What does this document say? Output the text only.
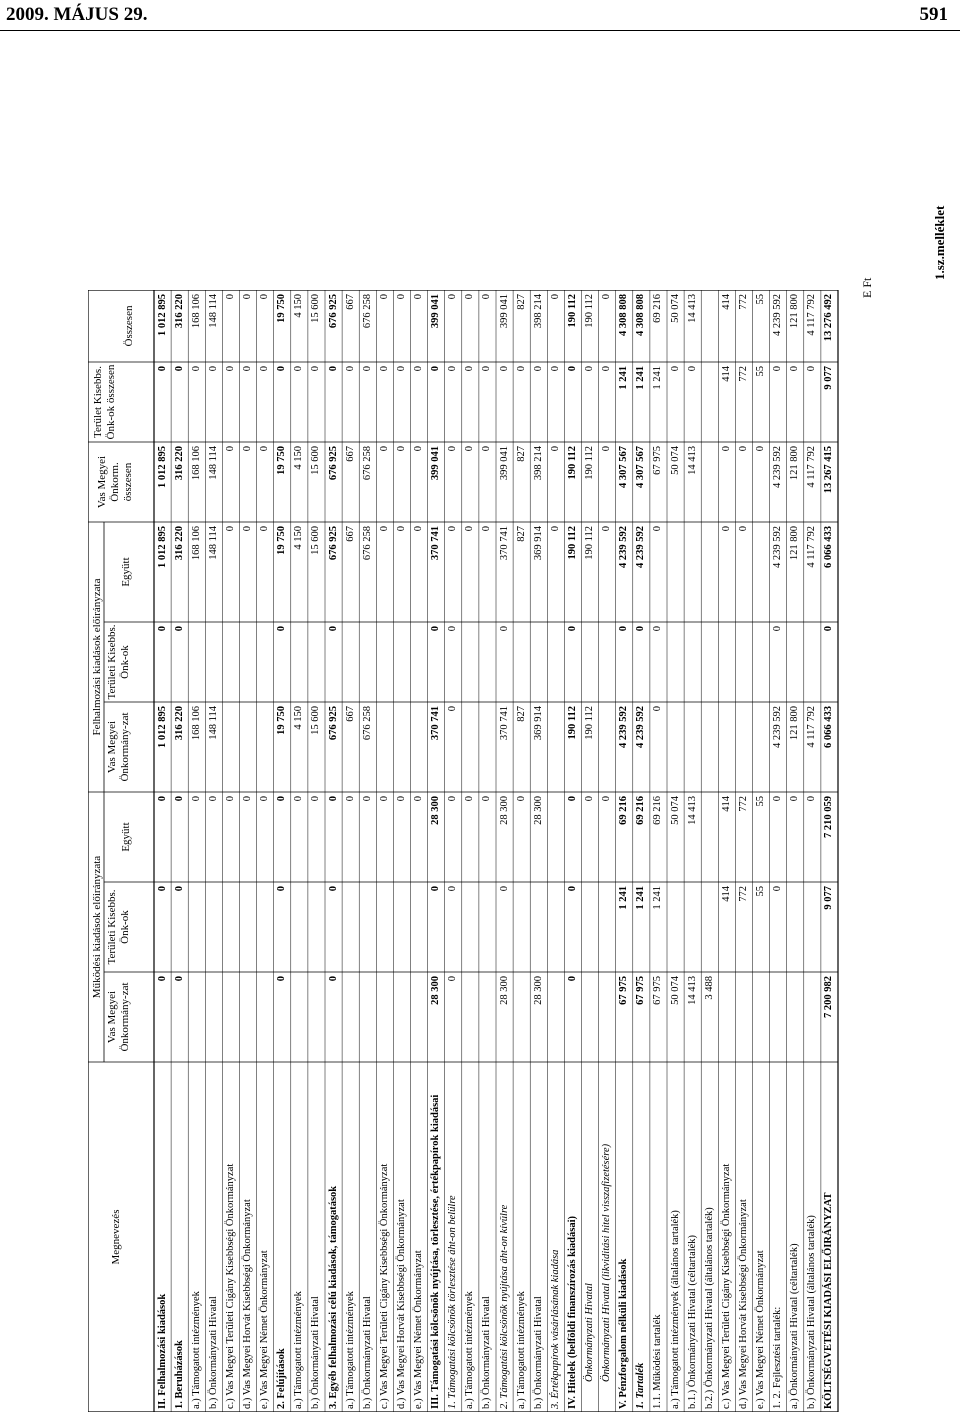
2009. MÁJUS 29.	591
1.sz.melléklet
E Ft
Megnevezés
Működési kiadások előirányzata
Felhalmozási kiadások előirányzata
Összesen
Vas Megyei Önkormány-zat
Területi Kisebbs. Önk-ok
Együtt
Vas Megyei Önkormány-zat
Területi Kisebbs. Önk-ok
Együtt
Vas Megyei Önkorm. összesen
Terület Kisebbs. Önk-ok összesen
II. Felhalmozási kiadások
0
0
0
1 012 895
0
1 012 895
1 012 895
0
1 012 895
1. Beruházások
0
0
0
316 220
0
316 220
316 220
0
316 220
a.) Támogatott intézmények
0
168 106
168 106
168 106
0
168 106
b.) Önkormányzati Hivatal
0
148 114
148 114
148 114
0
148 114
c.) Vas Megyei Területi Cigány Kisebbségi Önkormányzat
0
0
0
0
0
d.) Vas Megyei Horvát Kisebbségi Önkormányzat
0
0
0
0
0
e.) Vas Megyei Német Önkormányzat
0
0
0
0
0
2. Felújítások
0
0
0
19 750
0
19 750
19 750
0
19 750
a.) Támogatott intézmények
0
4 150
4 150
4 150
0
4 150
b.) Önkormányzati Hivatal
0
15 600
15 600
15 600
0
15 600
3. Egyéb felhalmozási célú kiadások, támogatások
0
0
0
676 925
0
676 925
676 925
0
676 925
a.) Támogatott intézmények
0
667
667
667
0
667
b.) Önkormányzati Hivatal
0
676 258
676 258
676 258
0
676 258
c.) Vas Megyei Területi Cigány Kisebbségi Önkormányzat
0
0
0
0
0
d.) Vas Megyei Horvát Kisebbségi Önkormányzat
0
0
0
0
0
e.) Vas Megyei Német Önkormányzat
0
0
0
0
0
III. Támogatási kölcsönök nyújtása, törlesztése, értékpapírok kiadásai
28 300
0
28 300
370 741
0
370 741
399 041
0
399 041
1. Támogatási kölcsönök törlesztése áht-on belülre
0
0
0
0
0
0
0
0
0
a.) Támogatott intézmények
0
0
0
0
0
b.) Önkormányzati Hivatal
0
0
0
0
0
2. Támogatási kölcsönök nyújtása áht-on kívülre
28 300
0
28 300
370 741
0
370 741
399 041
0
399 041
a.) Támogatott intézmények
0
827
827
827
0
827
b.) Önkormányzati Hivatal
28 300
28 300
369 914
369 914
398 214
0
398 214
3. Értékpapírok vásárlásának kiadása
0
0
0
0
IV. Hitelek (belföldi finanszírozás kiadásai)
0
0
0
190 112
0
190 112
190 112
0
190 112
Önkormányzati Hivatal
0
190 112
190 112
190 112
0
190 112
Önkormányzati Hivatal (likviditási hitel visszafizetésére)
0
0
0
0
0
V. Pénzforgalom nélküli kiadások
67 975
1 241
69 216
4 239 592
0
4 239 592
4 307 567
1 241
4 308 808
1. Tartalék
67 975
1 241
69 216
4 239 592
0
4 239 592
4 307 567
1 241
4 308 808
1.1. Működési tartalék
67 975
1 241
69 216
0
0
0
67 975
1 241
69 216
a.) Támogatott intézmények (általános tartalék)
50 074
50 074
50 074
0
50 074
b.1.) Önkormányzati Hivatal (céltartalék)
14 413
14 413
14 413
0
14 413
b.2.) Önkormányzati Hivatal (általános tartalék)
3 488
c.) Vas Megyei Területi Cigány Kisebbségi Önkormányzat
414
414
0
0
414
414
d.) Vas Megyei Horvát Kisebbségi Önkormányzat
772
772
0
0
772
772
e.) Vas Megyei Német Önkormányzat
55
55
0
55
55
1. 2. Fejlesztési tartalék:
0
0
4 239 592
0
4 239 592
4 239 592
0
4 239 592
a.) Önkormányzati Hivatal (céltartalék)
0
121 800
121 800
121 800
0
121 800
b.) Önkormányzati Hivatal (általános tartalék)
0
4 117 792
4 117 792
4 117 792
0
4 117 792
KÖLTSÉGVETÉSI KIADÁSI ELŐIRÁNYZAT
7 200 982
9 077
7 210 059
6 066 433
0
6 066 433
13 267 415
9 077
13 276 492
